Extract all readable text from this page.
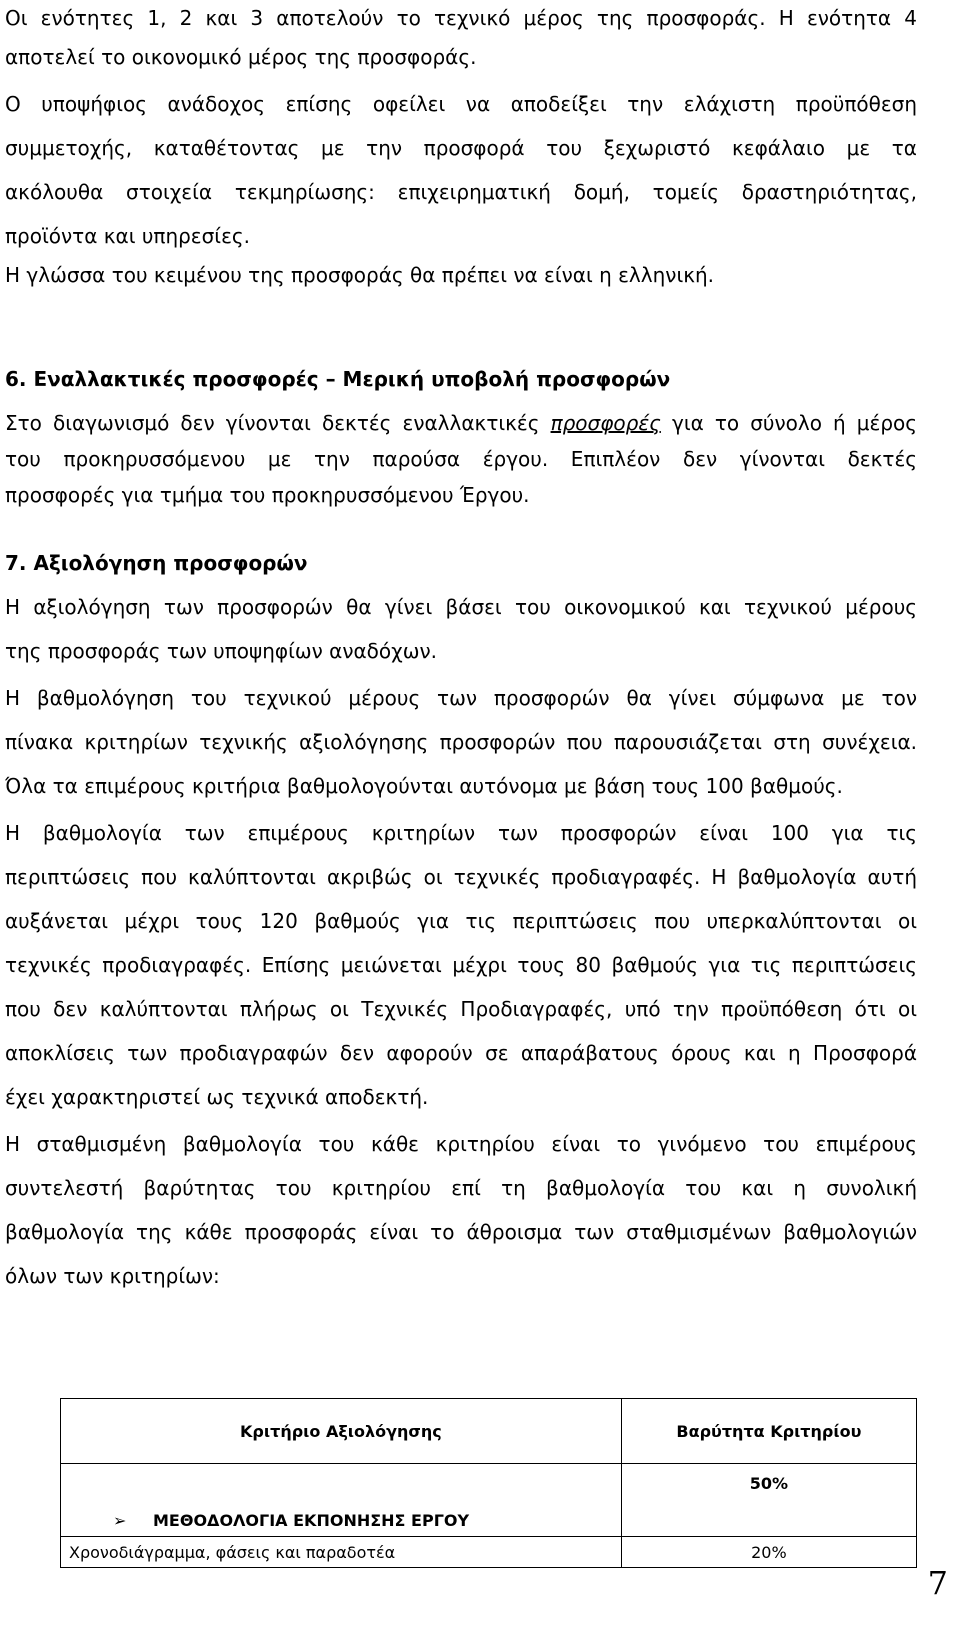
Οι ενότητες 1, 2 και 3 αποτελούν το τεχνικό μέρος της προσφοράς. Η ενότητα 4
αποτελεί το οικονομικό μέρος της προσφοράς.
Ο υποψήφιος ανάδοχος επίσης οφείλει να αποδείξει την ελάχιστη προϋπόθεση
συμμετοχής, καταθέτοντας με την προσφορά του ξεχωριστό κεφάλαιο με τα
ακόλουθα στοιχεία τεκμηρίωσης: επιχειρηματική δομή, τομείς δραστηριότητας,
προϊόντα και υπηρεσίες.
Η γλώσσα του κειμένου της προσφοράς θα πρέπει να είναι η ελληνική.
6. Εναλλακτικές προσφορές – Μερική υποβολή προσφορών
Στο διαγωνισμό δεν γίνονται δεκτές εναλλακτικές προσφορές για το σύνολο ή μέρος
του προκηρυσσόμενου με την παρούσα έργου. Επιπλέον δεν γίνονται δεκτές
προσφορές για τμήμα του προκηρυσσόμενου Έργου.
7. Αξιολόγηση προσφορών
Η αξιολόγηση των προσφορών θα γίνει βάσει του οικονομικού και τεχνικού μέρους
της προσφοράς των υποψηφίων αναδόχων.
Η βαθμολόγηση του τεχνικού μέρους των προσφορών θα γίνει σύμφωνα με τον
πίνακα κριτηρίων τεχνικής αξιολόγησης προσφορών που παρουσιάζεται στη συνέχεια.
Όλα τα επιμέρους κριτήρια βαθμολογούνται αυτόνομα με βάση τους 100 βαθμούς.
Η βαθμολογία των επιμέρους κριτηρίων των προσφορών είναι 100 για τις
περιπτώσεις που καλύπτονται ακριβώς οι τεχνικές προδιαγραφές. Η βαθμολογία αυτή
αυξάνεται μέχρι τους 120 βαθμούς για τις περιπτώσεις που υπερκαλύπτονται οι
τεχνικές προδιαγραφές. Επίσης μειώνεται μέχρι τους 80 βαθμούς για τις περιπτώσεις
που δεν καλύπτονται πλήρως οι Τεχνικές Προδιαγραφές, υπό την προϋπόθεση ότι οι
αποκλίσεις των προδιαγραφών δεν αφορούν σε απαράβατους όρους και η Προσφορά
έχει χαρακτηριστεί ως τεχνικά αποδεκτή.
Η σταθμισμένη βαθμολογία του κάθε κριτηρίου είναι το γινόμενο του επιμέρους
συντελεστή βαρύτητας του κριτηρίου επί τη βαθμολογία του και η συνολική
βαθμολογία της κάθε προσφοράς είναι το άθροισμα των σταθμισμένων βαθμολογιών
όλων των κριτηρίων:
Κριτήριο Αξιολόγησης	Βαρύτητα Κριτηρίου
➢ ΜΕΘΟΔΟΛΟΓΙΑ ΕΚΠΟΝΗΣΗΣ ΕΡΓΟΥ	50%
Χρονοδιάγραμμα, φάσεις και παραδοτέα	20%
7
